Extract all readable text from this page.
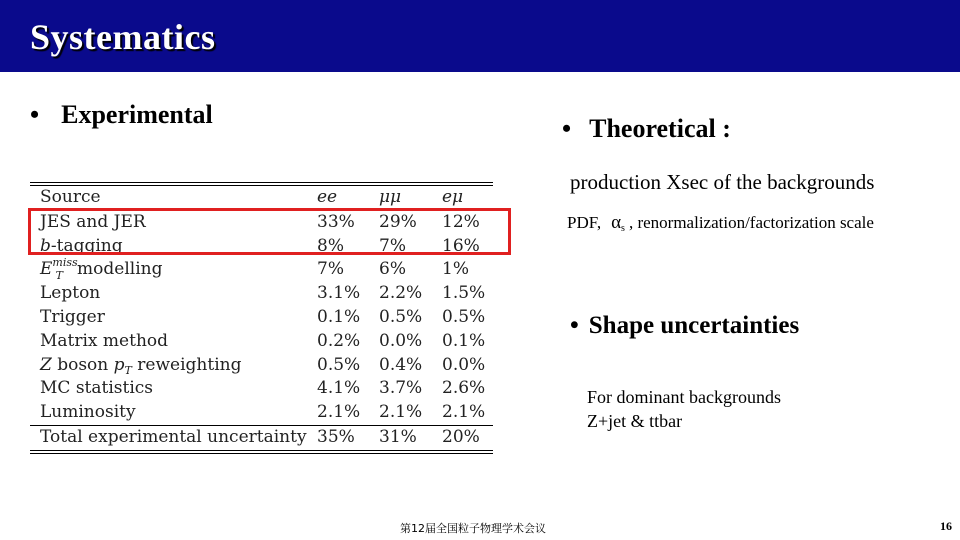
Systematics
• Experimental	• Theoretical :
production Xsec of the backgrounds
PDF, $\alpha_s$ , renormalization/factorization scale
• Shape uncertainties
For dominant backgrounds
Z+jet & ttbar
Source	ee μμ eμ
JES and JER	33% 29% 12%
b-tagging	8% 7% 16%
$E^{miss}_T$ modelling	7% 6% 1%
Lepton	3.1% 2.2% 1.5%
Trigger	0.1% 0.5% 0.5%
Matrix method	0.2% 0.0% 0.1%
Z boson $p_T$ reweighting	0.5% 0.4% 0.0%
MC statistics	4.1% 3.7% 2.6%
Luminosity	2.1% 2.1% 2.1%
Total experimental uncertainty 35% 31% 20%
第12届全国粒子物理学术会议	16
